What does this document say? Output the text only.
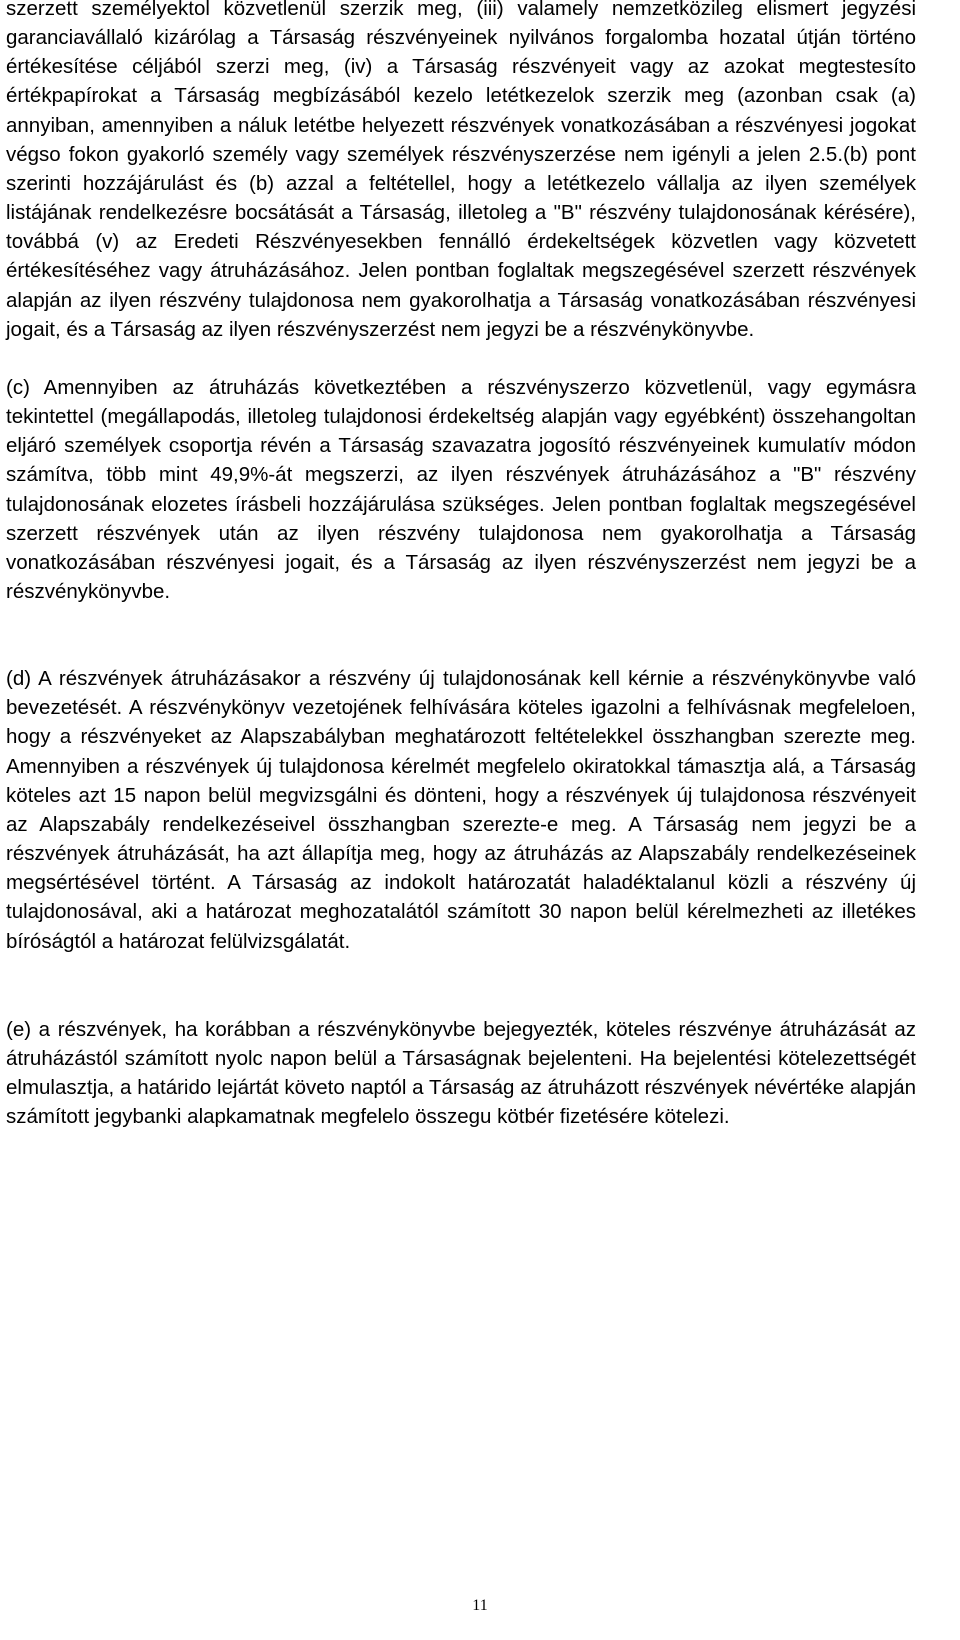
szerzett személyektol közvetlenül szerzik meg, (iii) valamely nemzetközileg elismert jegyzési garanciavállaló kizárólag a Társaság részvényeinek nyilvános forgalomba hozatal útján történo értékesítése céljából szerzi meg, (iv) a Társaság részvényeit vagy az azokat megtestesíto értékpapírokat a Társaság megbízásából kezelo letétkezelok szerzik meg (azonban csak (a) annyiban, amennyiben a náluk letétbe helyezett részvények vonatkozásában a részvényesi jogokat végso fokon gyakorló személy vagy személyek részvényszerzése nem igényli a jelen 2.5.(b) pont szerinti hozzájárulást és (b) azzal a feltétellel, hogy a letétkezelo vállalja az ilyen személyek listájának rendelkezésre bocsátását a Társaság, illetoleg a "B" részvény tulajdonosának kérésére), továbbá (v) az Eredeti Részvényesekben fennálló érdekeltségek közvetlen vagy közvetett értékesítéséhez vagy átruházásához. Jelen pontban foglaltak megszegésével szerzett részvények alapján az ilyen részvény tulajdonosa nem gyakorolhatja a Társaság vonatkozásában részvényesi jogait, és a Társaság az ilyen részvényszerzést nem jegyzi be a részvénykönyvbe.

(c) Amennyiben az átruházás következtében a részvényszerzo közvetlenül, vagy egymásra tekintettel (megállapodás, illetoleg tulajdonosi érdekeltség alapján vagy egyébként) összehangoltan eljáró személyek csoportja révén a Társaság szavazatra jogosító részvényeinek kumulatív módon számítva, több mint 49,9%-át megszerzi, az ilyen részvények átruházásához a "B" részvény tulajdonosának elozetes írásbeli hozzájárulása szükséges. Jelen pontban foglaltak megszegésével szerzett részvények után az ilyen részvény tulajdonosa nem gyakorolhatja a Társaság vonatkozásában részvényesi jogait, és a Társaság az ilyen részvényszerzést nem jegyzi be a részvénykönyvbe.

(d) A részvények átruházásakor a részvény új tulajdonosának kell kérnie a részvénykönyvbe való bevezetését. A részvénykönyv vezetojének felhívására köteles igazolni a felhívásnak megfeleloen, hogy a részvényeket az Alapszabályban meghatározott feltételekkel összhangban szerezte meg. Amennyiben a részvények új tulajdonosa kérelmét megfelelo okiratokkal támasztja alá, a Társaság köteles azt 15 napon belül megvizsgálni és dönteni, hogy a részvények új tulajdonosa részvényeit az Alapszabály rendelkezéseivel összhangban szerezte-e meg. A Társaság nem jegyzi be a részvények átruházását, ha azt állapítja meg, hogy az átruházás az Alapszabály rendelkezéseinek megsértésével történt. A Társaság az indokolt határozatát haladéktalanul közli a részvény új tulajdonosával, aki a határozat meghozatalától számított 30 napon belül kérelmezheti az illetékes bíróságtól a határozat felülvizsgálatát.

(e) a részvények, ha korábban a részvénykönyvbe bejegyezték, köteles részvénye átruházását az átruházástól számított nyolc napon belül a Társaságnak bejelenteni. Ha bejelentési kötelezettségét elmulasztja, a határido lejártát követo naptól a Társaság az átruházott részvények névértéke alapján számított jegybanki alapkamatnak megfelelo összegu kötbér fizetésére kötelezi.

11
